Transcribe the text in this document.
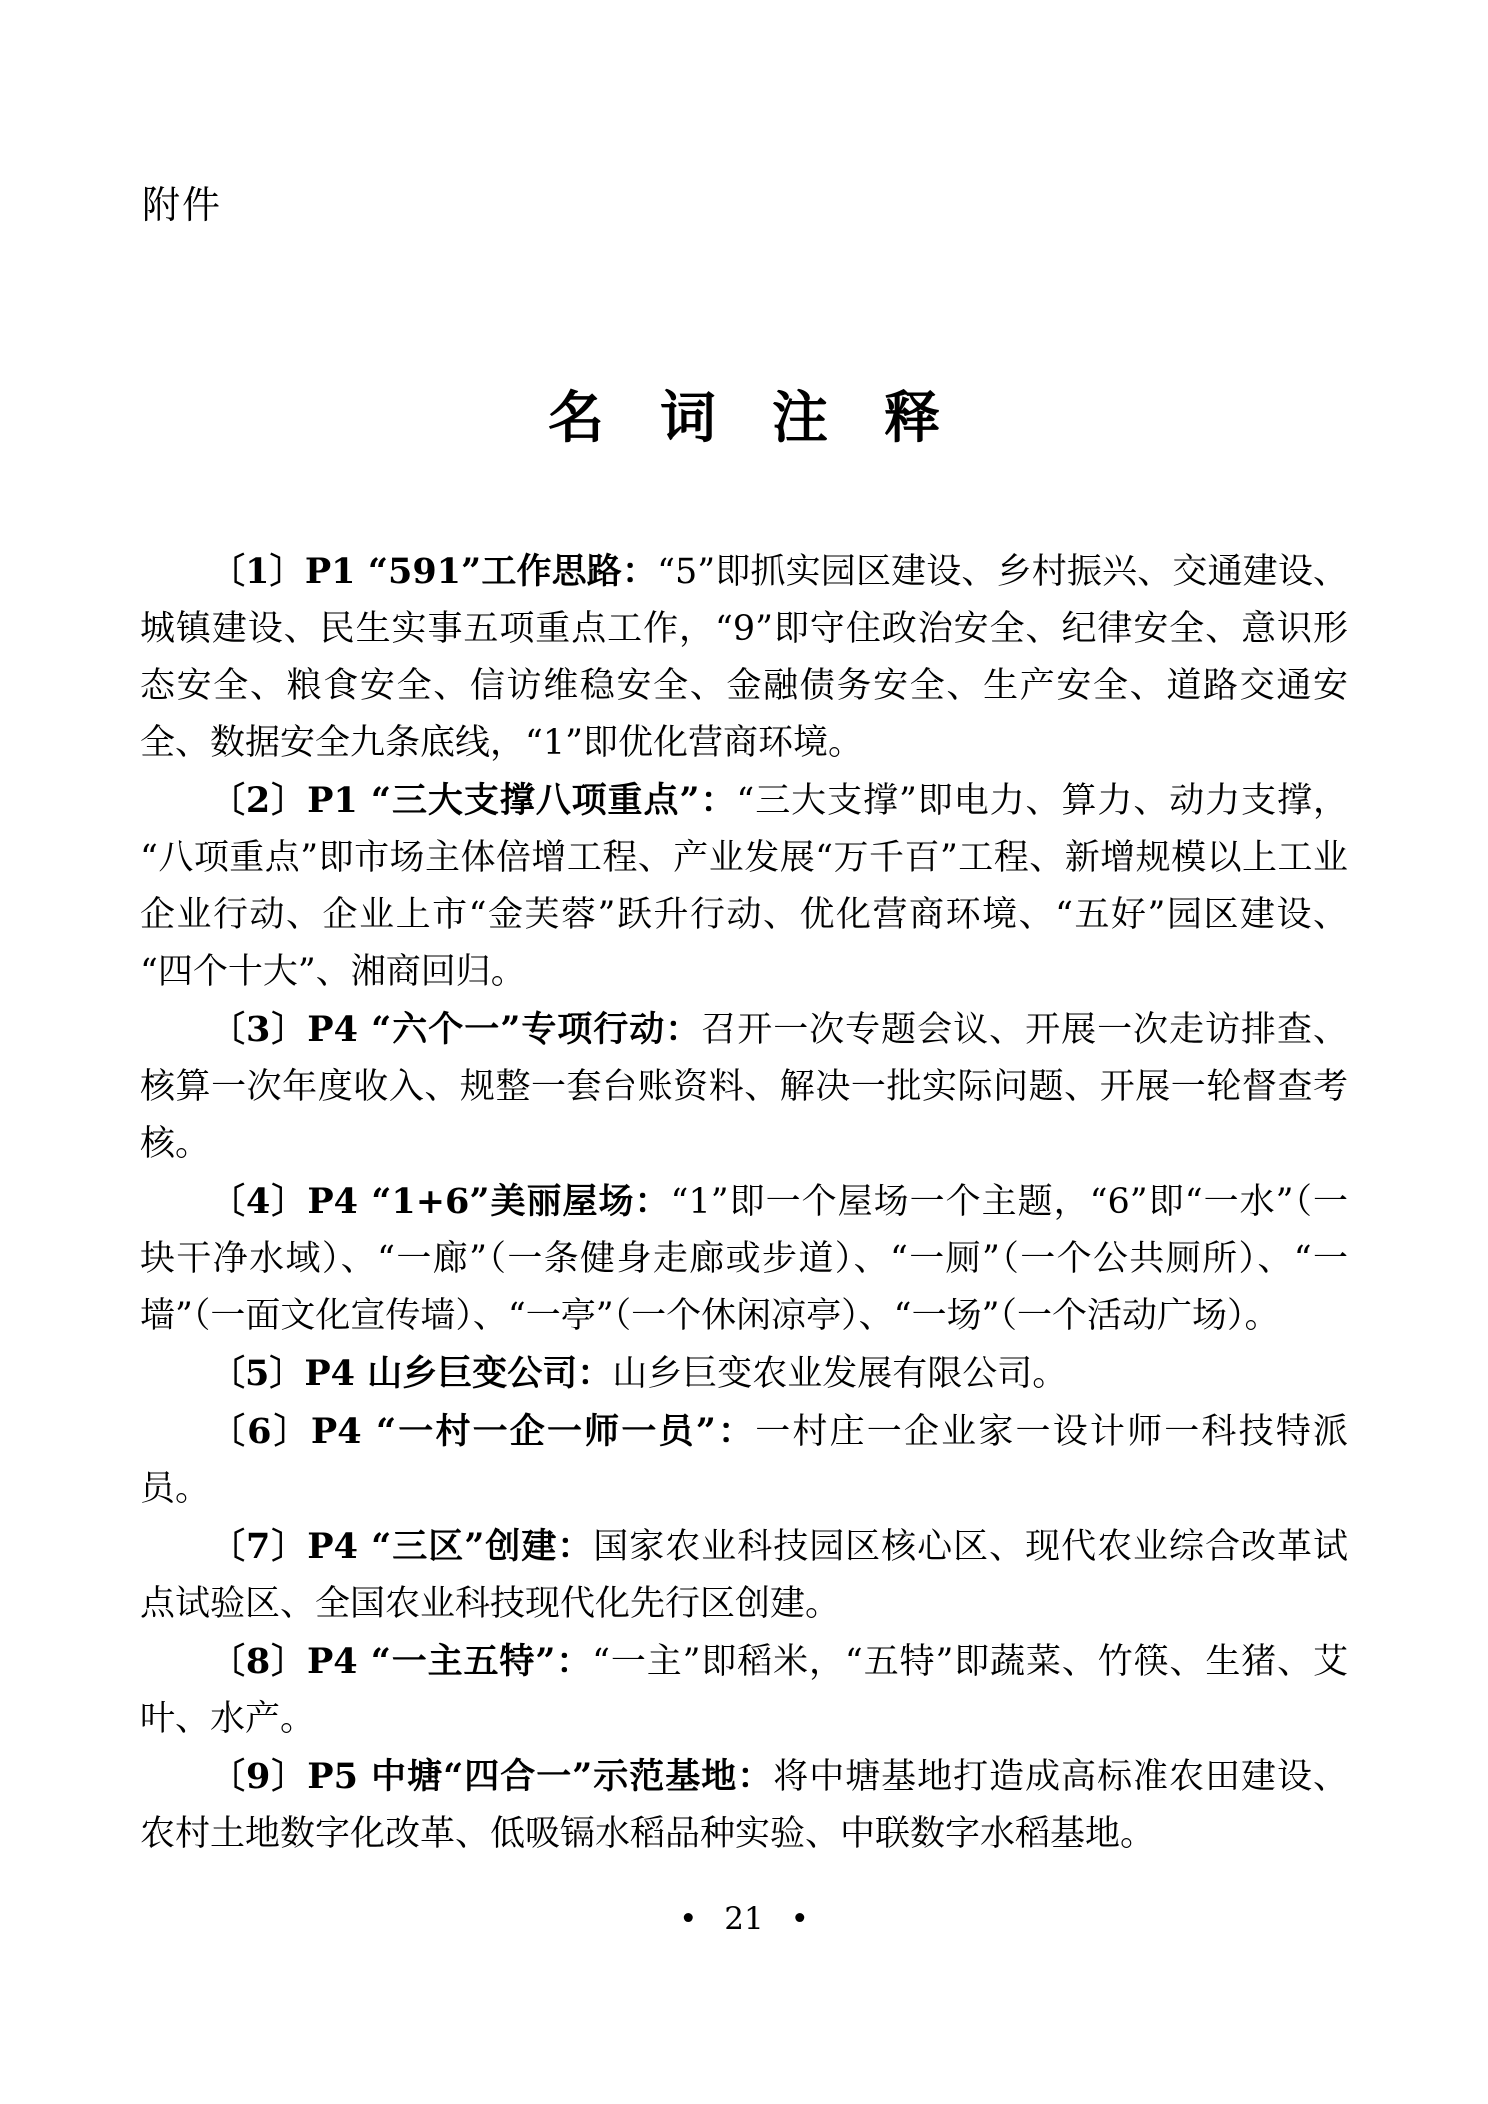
附件
名　词　注　释

〔1〕P1 “591”工作思路：“5”即抓实园区建设、乡村振兴、交通建设、城镇建设、民生实事五项重点工作，“9”即守住政治安全、纪律安全、意识形态安全、粮食安全、信访维稳安全、金融债务安全、生产安全、道路交通安全、数据安全九条底线，“1”即优化营商环境。

〔2〕P1 “三大支撑八项重点”：“三大支撑”即电力、算力、动力支撑，“八项重点”即市场主体倍增工程、产业发展“万千百”工程、新增规模以上工业企业行动、企业上市“金芙蓉”跃升行动、优化营商环境、“五好”园区建设、“四个十大”、湘商回归。

〔3〕P4 “六个一”专项行动：召开一次专题会议、开展一次走访排查、核算一次年度收入、规整一套台账资料、解决一批实际问题、开展一轮督查考核。

〔4〕P4 “1+6”美丽屋场：“1”即一个屋场一个主题，“6”即“一水”（一块干净水域）、“一廊”（一条健身走廊或步道）、“一厕”（一个公共厕所）、“一墙”（一面文化宣传墙）、“一亭”（一个休闲凉亭）、“一场”（一个活动广场）。

〔5〕P4 山乡巨变公司：山乡巨变农业发展有限公司。

〔6〕P4 “一村一企一师一员”：一村庄一企业家一设计师一科技特派员。

〔7〕P4 “三区”创建：国家农业科技园区核心区、现代农业综合改革试点试验区、全国农业科技现代化先行区创建。

〔8〕P4 “一主五特”：“一主”即稻米，“五特”即蔬菜、竹筷、生猪、艾叶、水产。

〔9〕P5 中塘“四合一”示范基地：将中塘基地打造成高标准农田建设、农村土地数字化改革、低吸镉水稻品种实验、中联数字水稻基地。

• 21 •
